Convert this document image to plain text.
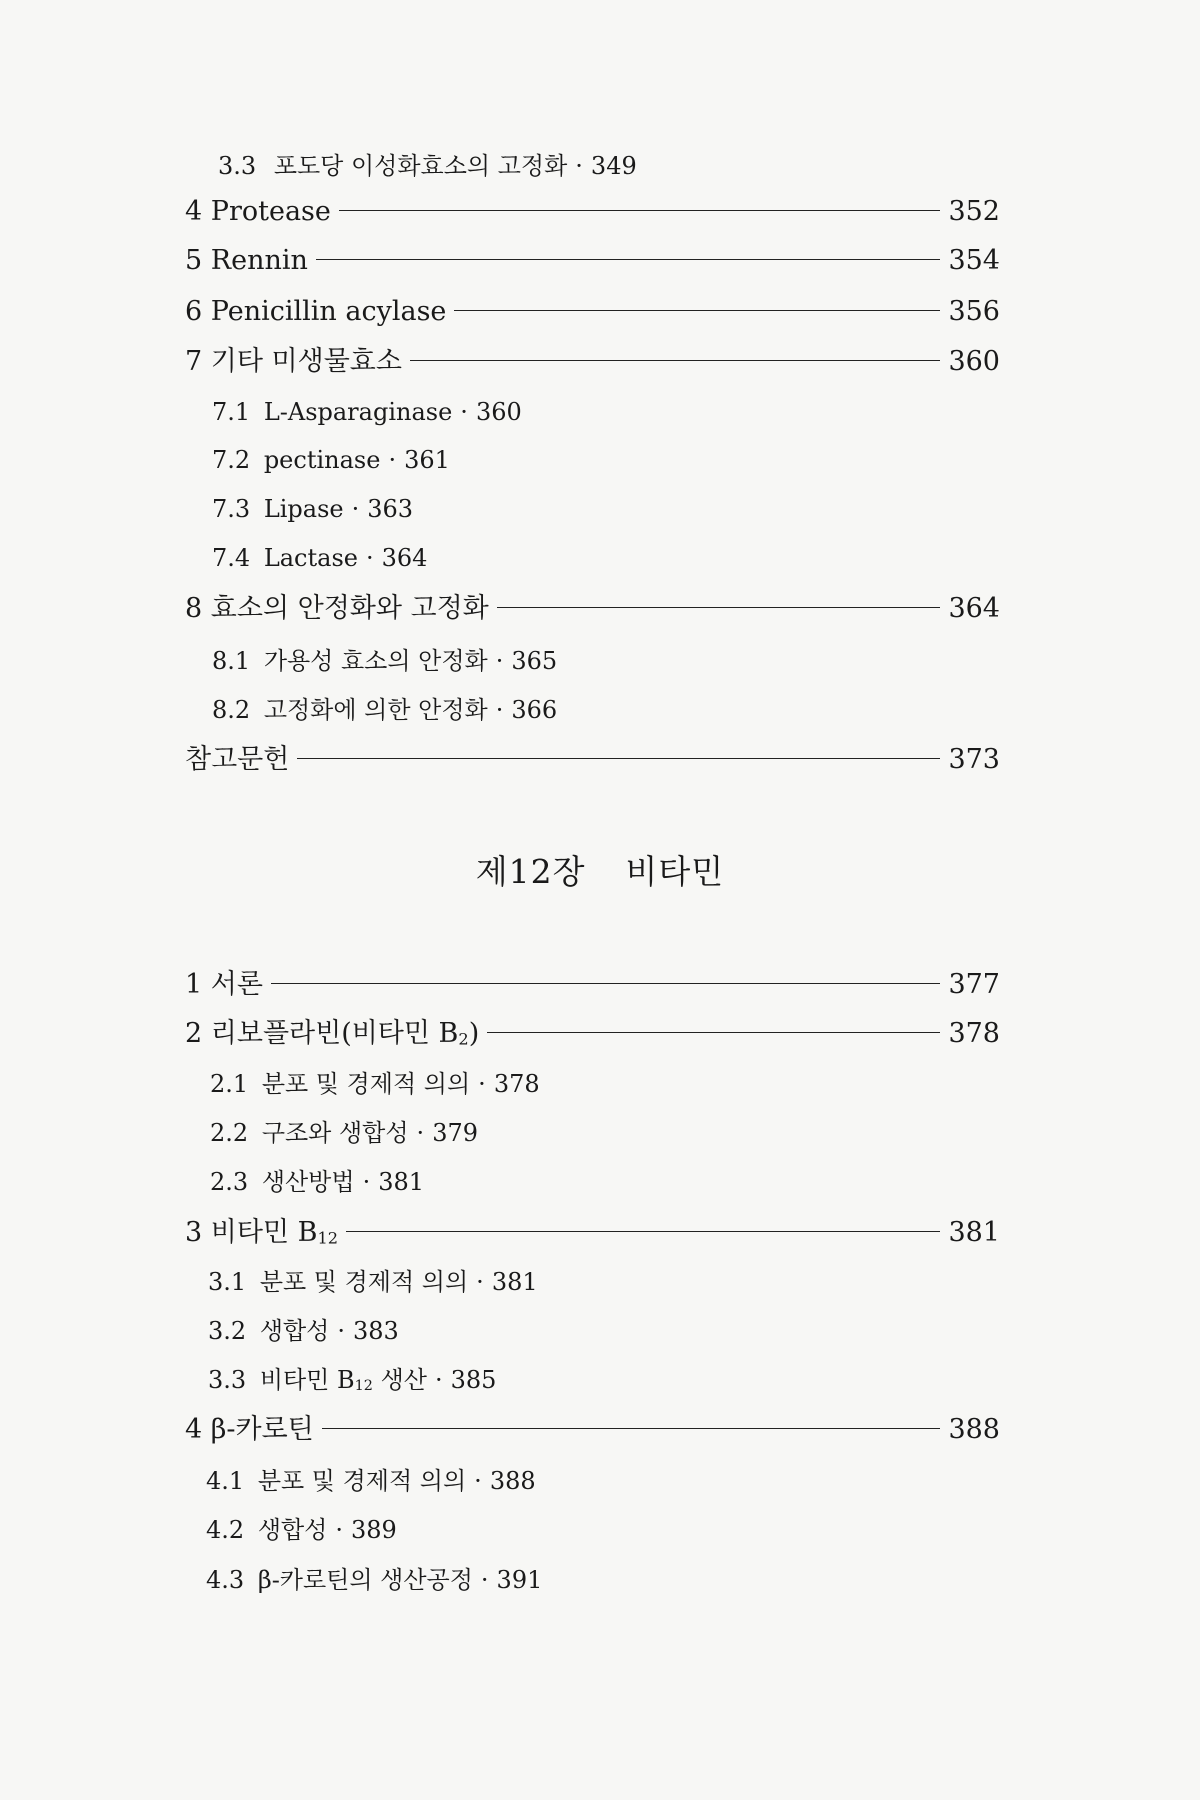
3.3 포도당 이성화효소의 고정화 · 349
4 Protease	352
5 Rennin	354
6 Penicillin acylase	356
7 기타 미생물효소	360
7.1 L-Asparaginase · 360
7.2 pectinase · 361
7.3 Lipase · 363
7.4 Lactase · 364
8 효소의 안정화와 고정화	364
8.1 가용성 효소의 안정화 · 365
8.2 고정화에 의한 안정화 · 366
참고문헌	373
제12장 비타민
1 서론	377
2 리보플라빈(비타민 $B_2$)	378
2.1 분포 및 경제적 의의 · 378
2.2 구조와 생합성 · 379
2.3 생산방법 · 381
3 비타민 $B_{12}$	381
3.1 분포 및 경제적 의의 · 381
3.2 생합성 · 383
3.3 비타민 $B_{12}$ 생산 · 385
4 β-카로틴	388
4.1 분포 및 경제적 의의 · 388
4.2 생합성 · 389
4.3 β-카로틴의 생산공정 · 391
